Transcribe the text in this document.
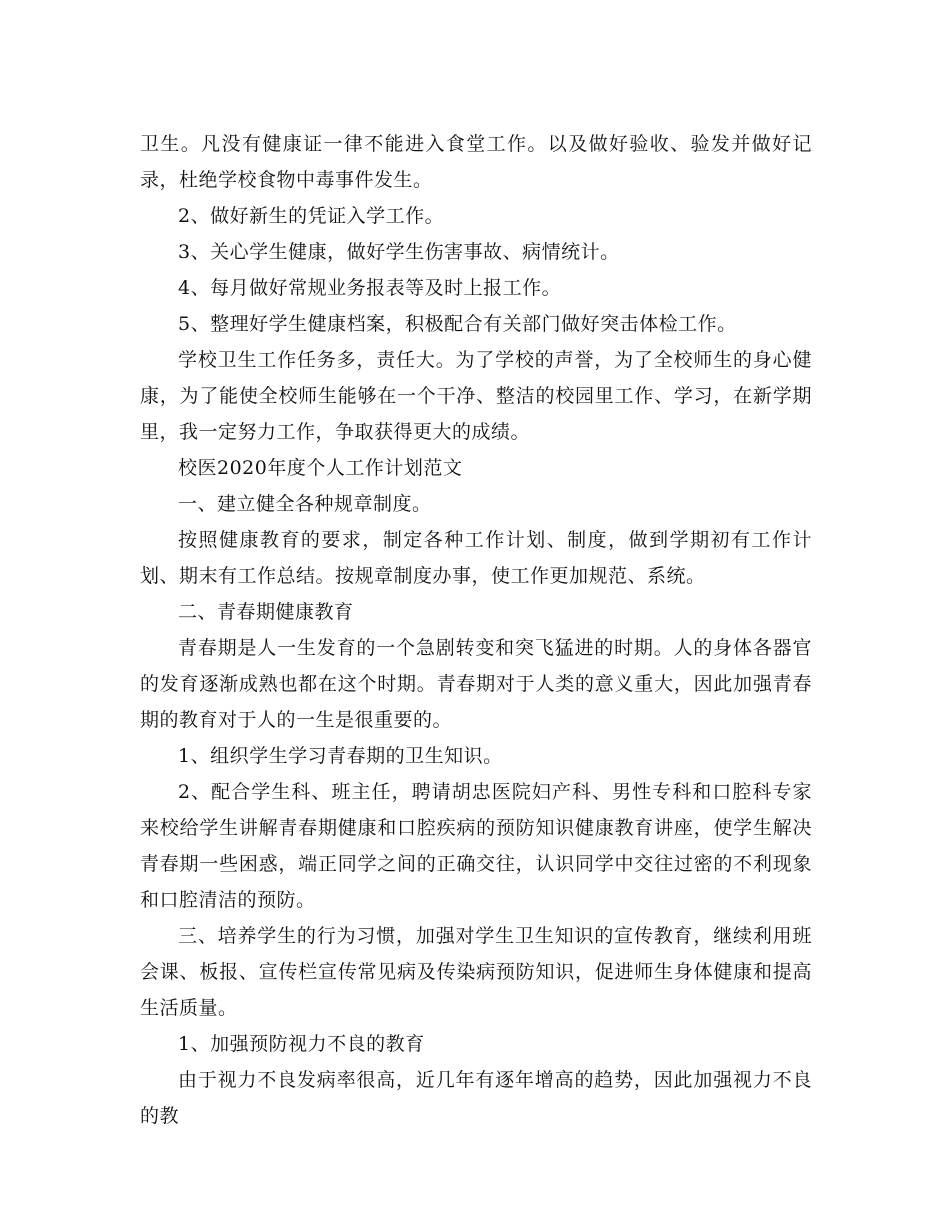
卫生。凡没有健康证一律不能进入食堂工作。以及做好验收、验发并做好记录，杜绝学校食物中毒事件发生。

2、做好新生的凭证入学工作。

3、关心学生健康，做好学生伤害事故、病情统计。

4、每月做好常规业务报表等及时上报工作。

5、整理好学生健康档案，积极配合有关部门做好突击体检工作。

学校卫生工作任务多，责任大。为了学校的声誉，为了全校师生的身心健康，为了能使全校师生能够在一个干净、整洁的校园里工作、学习，在新学期里，我一定努力工作，争取获得更大的成绩。

校医2020年度个人工作计划范文

一、建立健全各种规章制度。

按照健康教育的要求，制定各种工作计划、制度，做到学期初有工作计划、期末有工作总结。按规章制度办事，使工作更加规范、系统。

二、青春期健康教育

青春期是人一生发育的一个急剧转变和突飞猛进的时期。人的身体各器官的发育逐渐成熟也都在这个时期。青春期对于人类的意义重大，因此加强青春期的教育对于人的一生是很重要的。

1、组织学生学习青春期的卫生知识。

2、配合学生科、班主任，聘请胡忠医院妇产科、男性专科和口腔科专家来校给学生讲解青春期健康和口腔疾病的预防知识健康教育讲座，使学生解决青春期一些困惑，端正同学之间的正确交往，认识同学中交往过密的不利现象和口腔清洁的预防。

三、培养学生的行为习惯，加强对学生卫生知识的宣传教育，继续利用班会课、板报、宣传栏宣传常见病及传染病预防知识，促进师生身体健康和提高生活质量。

1、加强预防视力不良的教育

由于视力不良发病率很高，近几年有逐年增高的趋势，因此加强视力不良的教
